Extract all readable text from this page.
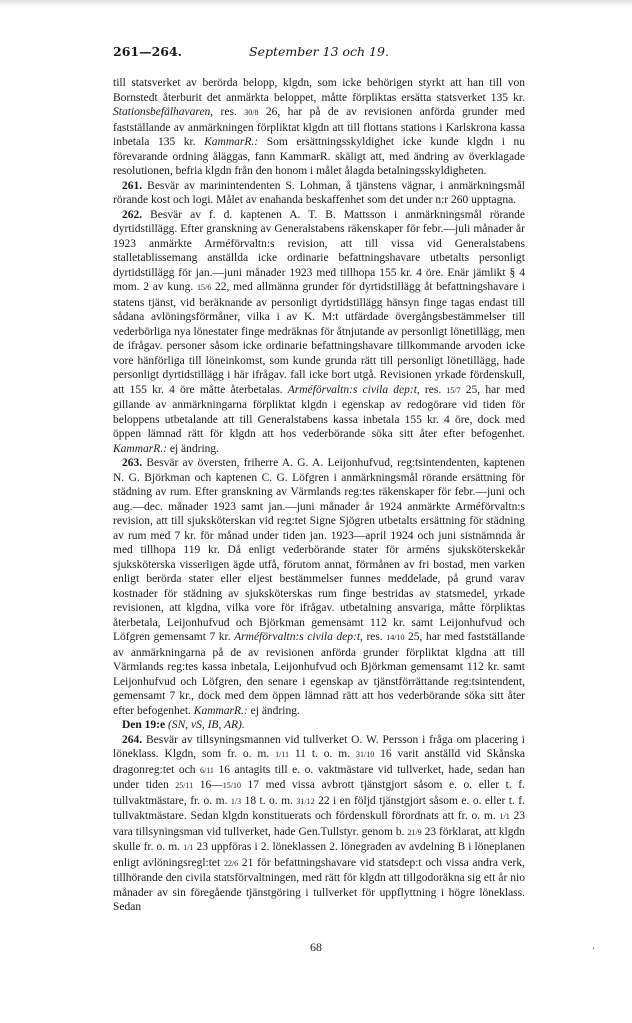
261—264.	September 13 och 19.

till statsverket av berörda belopp, klgdn, som icke behörigen styrkt att han till von Bornstedt återburit det anmärkta beloppet, måtte förpliktas ersätta statsverket 135 kr. Stationsbefälhavaren, res. 30/8 26, har på de av revisionen anförda grunder med fastställande av anmärkningen förpliktat klgdn att till flottans stations i Karlskrona kassa inbetala 135 kr. KammarR.: Som ersättningsskyldighet icke kunde klgdn i nu förevarande ordning åläggas, fann KammarR. skäligt att, med ändring av överklagade resolutionen, befria klgdn från den honom i målet ålagda betalningsskyldigheten.

261. Besvär av marinintendenten S. Lohman, å tjänstens vägnar, i anmärkningsmål rörande kost och logi. Målet av enahanda beskaffenhet som det under n:r 260 upptagna.

262. Besvär av f. d. kaptenen A. T. B. Mattsson i anmärkningsmål rörande dyrtidstillägg. Efter granskning av Generalstabens räkenskaper för febr.—juli månader år 1923 anmärkte Arméförvaltn:s revision, att till vissa vid Generalstabens stalletablissemang anställda icke ordinarie befattningshavare utbetalts personligt dyrtidstillägg för jan.—juni månader 1923 med tillhopa 155 kr. 4 öre. Enär jämlikt § 4 mom. 2 av kung. 15/6 22, med allmänna grunder för dyrtidstillägg åt befattningshavare i statens tjänst, vid beräknande av personligt dyrtidstillägg hänsyn finge tagas endast till sådana avlöningsförmåner, vilka i av K. M:t utfärdade övergångsbestämmelser till vederbörliga nya lönestater finge medräknas för åtnjutande av personligt lönetillägg, men de ifrågav. personer såsom icke ordinarie befattningshavare tillkommande arvoden icke vore hänförliga till löneinkomst, som kunde grunda rätt till personligt lönetillägg, hade personligt dyrtidstillägg i här ifrågav. fall icke bort utgå. Revisionen yrkade fördenskull, att 155 kr. 4 öre måtte återbetalas. Arméförvaltn:s civila dep:t, res. 15/7 25, har med gillande av anmärkningarna förpliktat klgdn i egenskap av redogörare vid tiden för beloppens utbetalande att till Generalstabens kassa inbetala 155 kr. 4 öre, dock med öppen lämnad rätt för klgdn att hos vederbörande söka sitt åter efter befogenhet. KammarR.: ej ändring.

263. Besvär av översten, friherre A. G. A. Leijonhufvud, reg:tsintendenten, kaptenen N. G. Björkman och kaptenen C. G. Löfgren i anmärkningsmål rörande ersättning för städning av rum. Efter granskning av Värmlands reg:tes räkenskaper för febr.—juni och aug.—dec. månader 1923 samt jan.—juni månader år 1924 anmärkte Arméförvaltn:s revision, att till sjuksköterskan vid reg:tet Signe Sjögren utbetalts ersättning för städning av rum med 7 kr. för månad under tiden jan. 1923—april 1924 och juni sistnämnda år med tillhopa 119 kr. Då enligt vederbörande stater för arméns sjuksköterskekår sjuksköterska visserligen ägde utfå, förutom annat, förmånen av fri bostad, men varken enligt berörda stater eller eljest bestämmelser funnes meddelade, på grund varav kostnader för städning av sjuksköterskas rum finge bestridas av statsmedel, yrkade revisionen, att klgdna, vilka vore för ifrågav. utbetalning ansvariga, måtte förpliktas återbetala, Leijonhufvud och Björkman gemensamt 112 kr. samt Leijonhufvud och Löfgren gemensamt 7 kr. Arméförvaltn:s civila dep:t, res. 14/10 25, har med fastställande av anmärkningarna på de av revisionen anförda grunder förpliktat klgdna att till Värmlands reg:tes kassa inbetala, Leijonhufvud och Björkman gemensamt 112 kr. samt Leijonhufvud och Löfgren, den senare i egenskap av tjänstförrättande reg:tsintendent, gemensamt 7 kr., dock med dem öppen lämnad rätt att hos vederbörande söka sitt åter efter befogenhet. KammarR.: ej ändring.

Den 19:e (SN, vS, IB, AR).

264. Besvär av tillsyningsmannen vid tullverket O. W. Persson i fråga om placering i löneklass. Klgdn, som fr. o. m. 1/11 11 t. o. m. 31/10 16 varit anställd vid Skånska dragonreg:tet och 6/11 16 antagits till e. o. vaktmästare vid tullverket, hade, sedan han under tiden 25/11 16—15/10 17 med vissa avbrott tjänstgjort såsom e. o. eller t. f. tullvaktmästare, fr. o. m. 1/3 18 t. o. m. 31/12 22 i en följd tjänstgjort såsom e. o. eller t. f. tullvaktmästare. Sedan klgdn konstituerats och fördenskull förordnats att fr. o. m. 1/1 23 vara tillsyningsman vid tullverket, hade Gen.Tullstyr. genom b. 21/9 23 förklarat, att klgdn skulle fr. o. m. 1/1 23 uppföras i 2. löneklassen 2. lönegraden av avdelning B i löneplanen enligt avlöningsregl:tet 22/6 21 för befattningshavare vid statsdep:t och vissa andra verk, tillhörande den civila statsförvaltningen, med rätt för klgdn att tillgodoräkna sig ett år nio månader av sin föregående tjänstgöring i tullverket för uppflyttning i högre löneklass. Sedan

68	·
